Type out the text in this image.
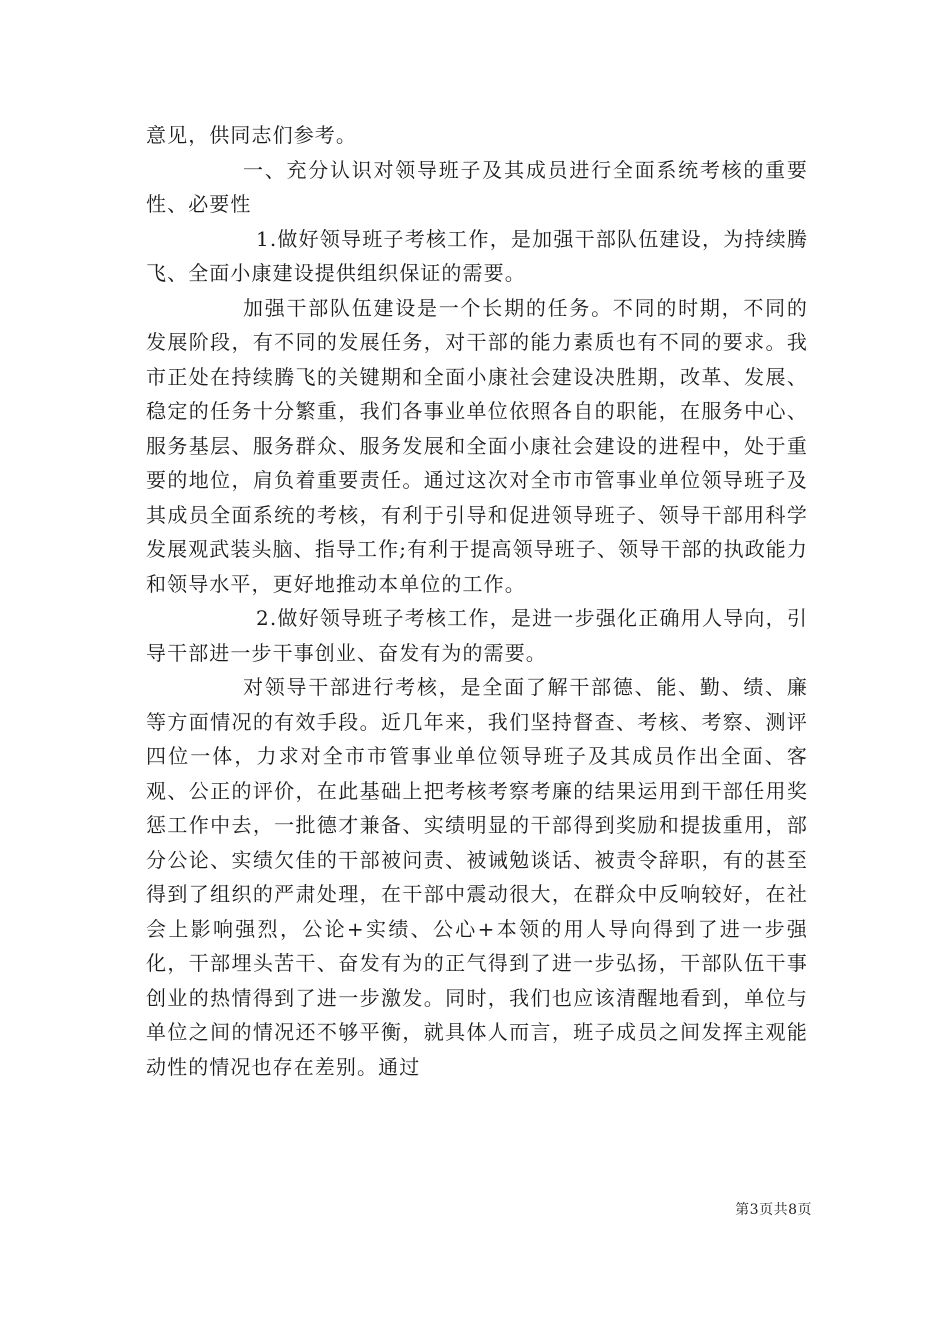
意见，供同志们参考。

一、充分认识对领导班子及其成员进行全面系统考核的重要性、必要性

1.做好领导班子考核工作，是加强干部队伍建设，为持续腾飞、全面小康建设提供组织保证的需要。

加强干部队伍建设是一个长期的任务。不同的时期，不同的发展阶段，有不同的发展任务，对干部的能力素质也有不同的要求。我市正处在持续腾飞的关键期和全面小康社会建设决胜期，改革、发展、稳定的任务十分繁重，我们各事业单位依照各自的职能，在服务中心、服务基层、服务群众、服务发展和全面小康社会建设的进程中，处于重要的地位，肩负着重要责任。通过这次对全市市管事业单位领导班子及其成员全面系统的考核，有利于引导和促进领导班子、领导干部用科学发展观武装头脑、指导工作;有利于提高领导班子、领导干部的执政能力和领导水平，更好地推动本单位的工作。

2.做好领导班子考核工作，是进一步强化正确用人导向，引导干部进一步干事创业、奋发有为的需要。

对领导干部进行考核，是全面了解干部德、能、勤、绩、廉等方面情况的有效手段。近几年来，我们坚持督查、考核、考察、测评四位一体，力求对全市市管事业单位领导班子及其成员作出全面、客观、公正的评价，在此基础上把考核考察考廉的结果运用到干部任用奖惩工作中去，一批德才兼备、实绩明显的干部得到奖励和提拔重用，部分公论、实绩欠佳的干部被问责、被诫勉谈话、被责令辞职，有的甚至得到了组织的严肃处理，在干部中震动很大，在群众中反响较好，在社会上影响强烈，公论+实绩、公心+本领的用人导向得到了进一步强化，干部埋头苦干、奋发有为的正气得到了进一步弘扬，干部队伍干事创业的热情得到了进一步激发。同时，我们也应该清醒地看到，单位与单位之间的情况还不够平衡，就具体人而言，班子成员之间发挥主观能动性的情况也存在差别。通过

第3页共8页
